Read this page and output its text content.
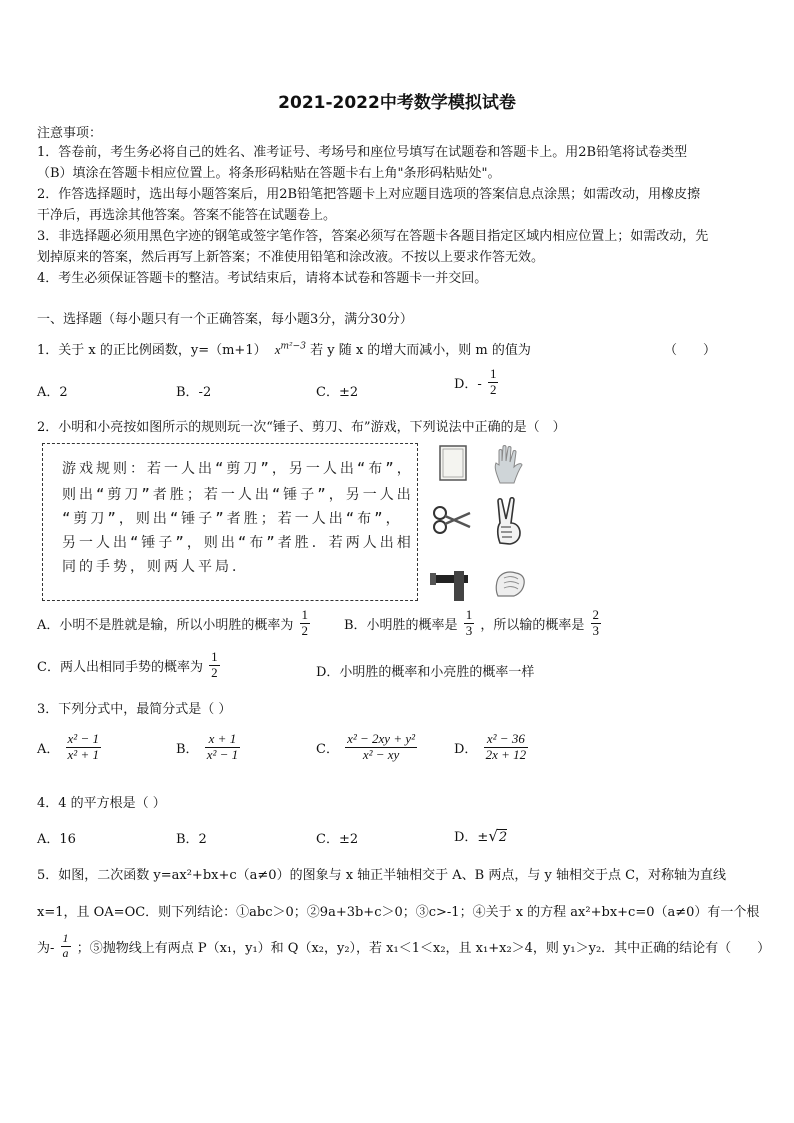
2021-2022中考数学模拟试卷
注意事项：
1．答卷前，考生务必将自己的姓名、准考证号、考场号和座位号填写在试题卷和答题卡上。用2B铅笔将试卷类型
（B）填涂在答题卡相应位置上。将条形码粘贴在答题卡右上角"条形码粘贴处"。
2．作答选择题时，选出每小题答案后，用2B铅笔把答题卡上对应题目选项的答案信息点涂黑；如需改动，用橡皮擦
干净后，再选涂其他答案。答案不能答在试题卷上。
3．非选择题必须用黑色字迹的钢笔或签字笔作答，答案必须写在答题卡各题目指定区域内相应位置上；如需改动，先
划掉原来的答案，然后再写上新答案；不准使用铅笔和涂改液。不按以上要求作答无效。
4．考生必须保证答题卡的整洁。考试结束后，请将本试卷和答题卡一并交回。
一、选择题（每小题只有一个正确答案，每小题3分，满分30分）
1．关于 x 的正比例函数，y=（m+1） $x^{m^2-3}$ 若 y 随 x 的增大而减小，则 m 的值为	（　　）
A．2	B．-2	C．±2
D．- $\frac{1}{2}$
2．小明和小亮按如图所示的规则玩一次“锤子、剪刀、布”游戏，下列说法中正确的是（　）
游戏规则：若一人出“剪刀”，另一人出“布”，
则出“剪刀”者胜；若一人出“锤子”，另一人出
“剪刀”，则出“锤子”者胜；若一人出“布”，
另一人出“锤子”，则出“布”者胜．若两人出相
同的手势，则两人平局．
A．小明不是胜就是输，所以小明胜的概率为 $\frac{1}{2}$	B．小明胜的概率是 $\frac{1}{3}$ ，所以输的概率是 $\frac{2}{3}$
C．两人出相同手势的概率为 $\frac{1}{2}$	D．小明胜的概率和小亮胜的概率一样
3．下列分式中，最简分式是（ ）
A． $\frac{\text{x² − 1}}{\text{x² + 1}}$	B． $\frac{x + 1}{\text{x² − 1}}$	C． $\frac{\text{x² − 2xy + y²}}{\text{x² − xy}}$	D． $\frac{\text{x² − 36}}{2x + 12}$
4．4 的平方根是（ ）
A．16	B．2	C．±2	D．±√2
5．如图，二次函数 y=ax²+bx+c（a≠0）的图象与 x 轴正半轴相交于 A、B 两点，与 y 轴相交于点 C，对称轴为直线
x=1，且 OA=OC．则下列结论：①abc＞0；②9a+3b+c＞0；③c>-1；④关于 x 的方程 ax²+bx+c=0（a≠0）有一个根
为- $\frac{1}{a}$ ；⑤抛物线上有两点 P（x₁，y₁）和 Q（x₂，y₂），若 x₁＜1＜x₂，且 x₁+x₂＞4，则 y₁＞y₂．其中正确的结论有（　　）
